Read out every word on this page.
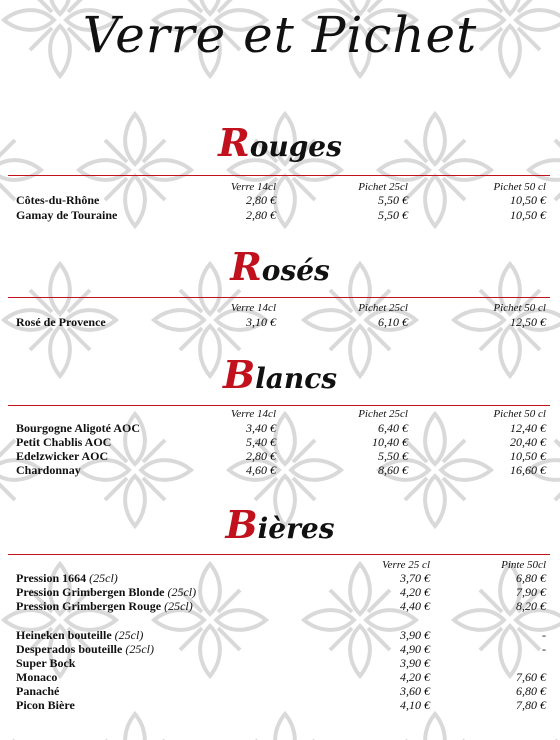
Verre et Pichet
Rouges
Verre 14cl	Pichet 25cl	Pichet 50 cl
Côtes-du-Rhône	2,80 €	5,50 €	10,50 €
Gamay de Touraine	2,80 €	5,50 €	10,50 €
Rosés
Verre 14cl	Pichet 25cl	Pichet 50 cl
Rosé de Provence	3,10 €	6,10 €	12,50 €
Blancs
Verre 14cl	Pichet 25cl	Pichet 50 cl
Bourgogne Aligoté AOC	3,40 €	6,40 €	12,40 €
Petit Chablis AOC	5,40 €	10,40 €	20,40 €
Edelzwicker AOC	2,80 €	5,50 €	10,50 €
Chardonnay	4,60 €	8,60 €	16,60 €
Bières
Verre 25 cl	Pinte 50cl
Pression 1664 (25cl)	3,70 €	6,80 €
Pression Grimbergen Blonde (25cl)	4,20 €	7,90 €
Pression Grimbergen Rouge (25cl)	4,40 €	8,20 €
Heineken bouteille (25cl)	3,90 €	-
Desperados bouteille (25cl)	4,90 €	-
Super Bock	3,90 €
Monaco	4,20 €	7,60 €
Panaché	3,60 €	6,80 €
Picon Bière	4,10 €	7,80 €
